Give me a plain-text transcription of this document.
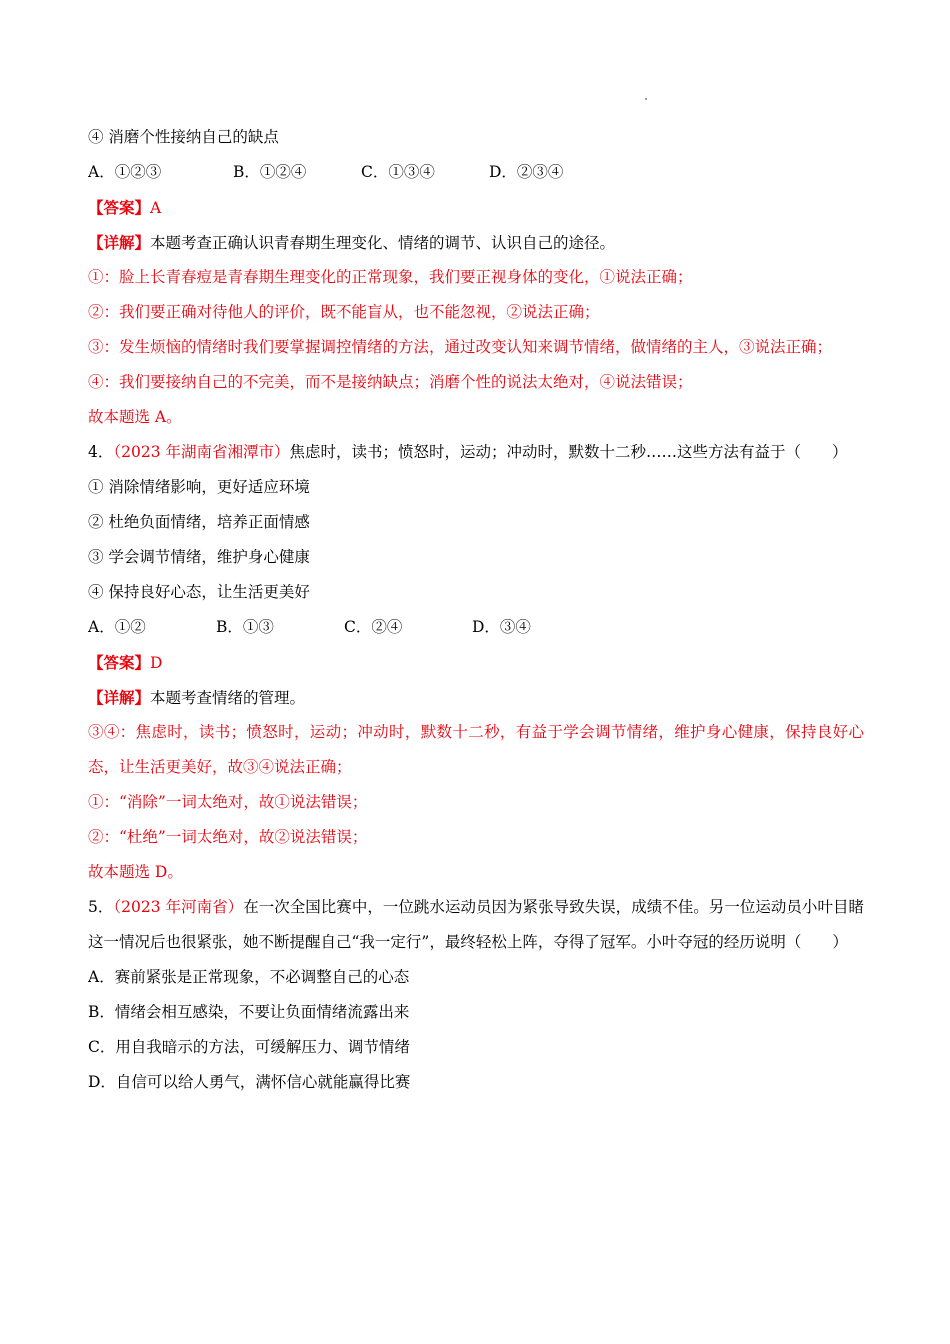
④ 消磨个性接纳自己的缺点
A．①②③	B．①②④	C．①③④	D．②③④
【答案】A
【详解】本题考查正确认识青春期生理变化、情绪的调节、认识自己的途径。
①：脸上长青春痘是青春期生理变化的正常现象，我们要正视身体的变化，①说法正确；
②：我们要正确对待他人的评价，既不能盲从，也不能忽视，②说法正确；
③：发生烦恼的情绪时我们要掌握调控情绪的方法，通过改变认知来调节情绪，做情绪的主人，③说法正确；
④：我们要接纳自己的不完美，而不是接纳缺点；消磨个性的说法太绝对，④说法错误；
故本题选 A。
4．（2023 年湖南省湘潭市）焦虑时，读书；愤怒时，运动；冲动时，默数十二秒……这些方法有益于（　　）
① 消除情绪影响，更好适应环境
② 杜绝负面情绪，培养正面情感
③ 学会调节情绪，维护身心健康
④ 保持良好心态，让生活更美好
A．①②	B．①③	C．②④	D．③④
【答案】D
【详解】本题考查情绪的管理。
③④：焦虑时，读书；愤怒时，运动；冲动时，默数十二秒，有益于学会调节情绪，维护身心健康，保持良好心态，让生活更美好，故③④说法正确；
①：“消除”一词太绝对，故①说法错误；
②：“杜绝”一词太绝对，故②说法错误；
故本题选 D。
5．（2023 年河南省）在一次全国比赛中，一位跳水运动员因为紧张导致失误，成绩不佳。另一位运动员小叶目睹这一情况后也很紧张，她不断提醒自己“我一定行”，最终轻松上阵，夺得了冠军。小叶夺冠的经历说明（　　）
A．赛前紧张是正常现象，不必调整自己的心态
B．情绪会相互感染，不要让负面情绪流露出来
C．用自我暗示的方法，可缓解压力、调节情绪
D．自信可以给人勇气，满怀信心就能赢得比赛
